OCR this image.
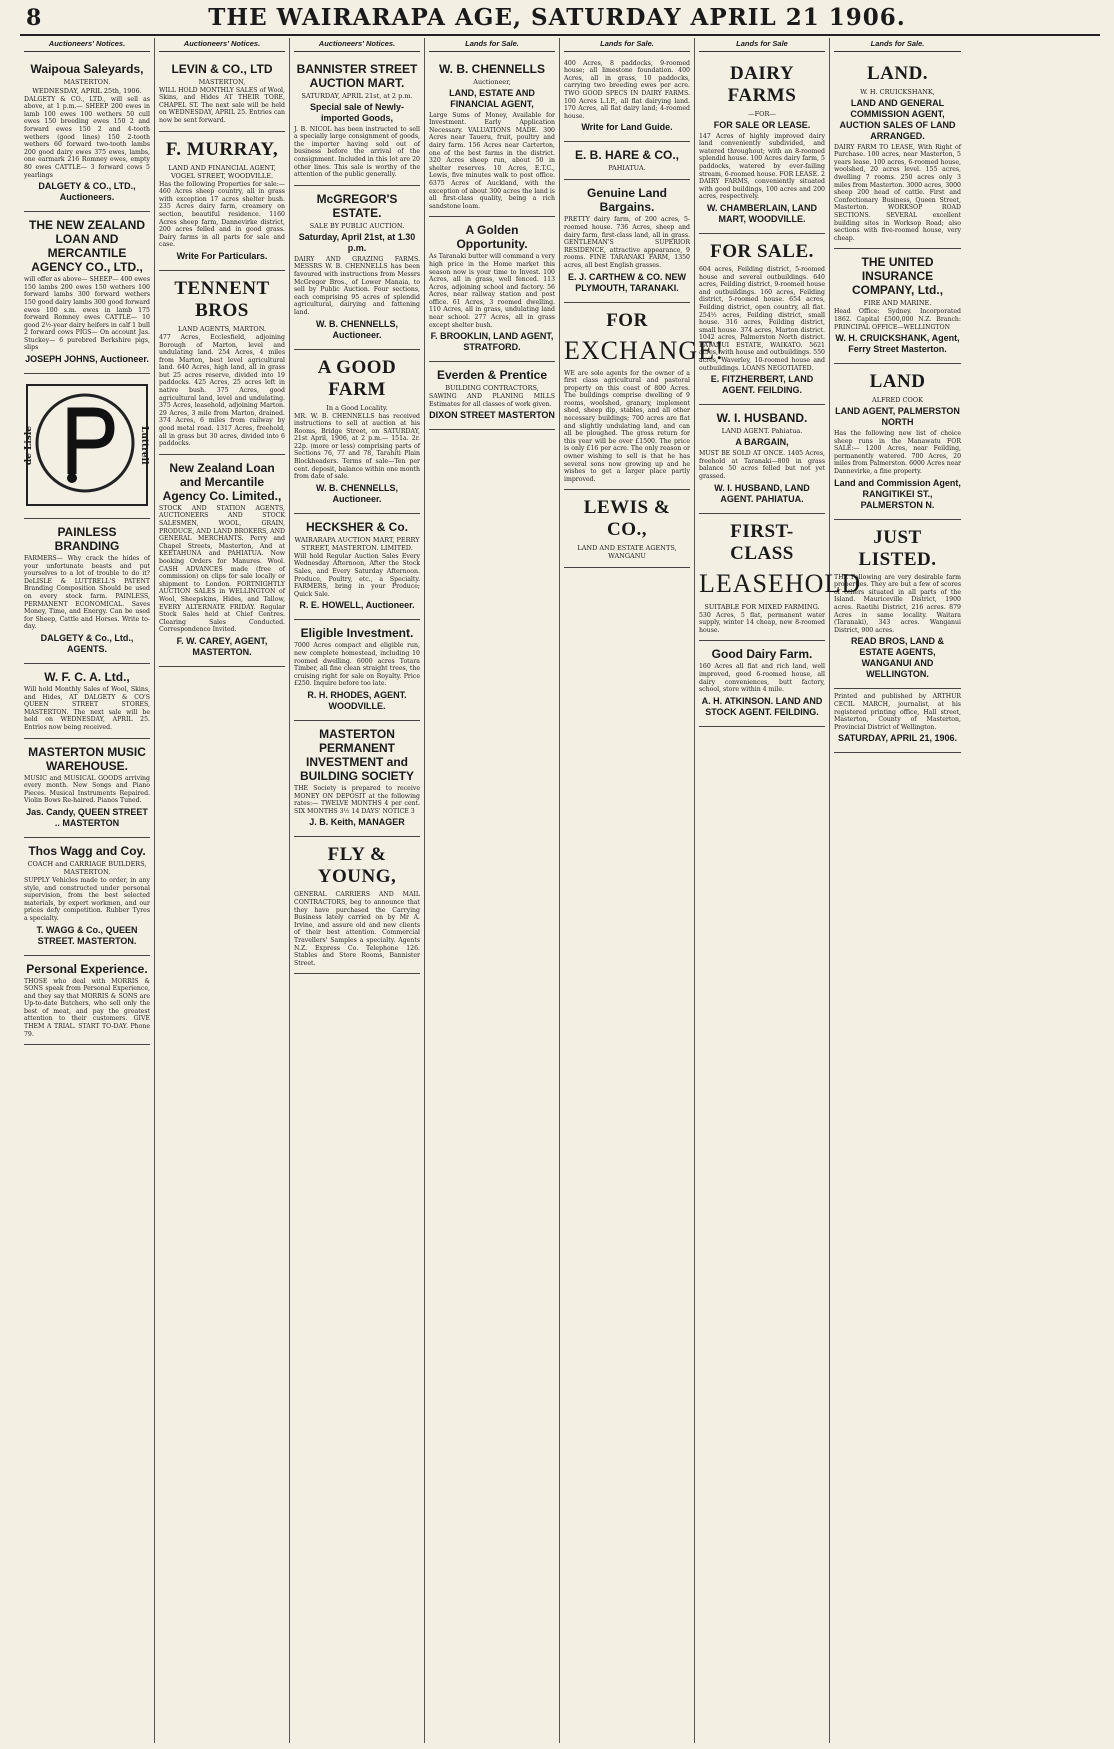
8	THE WAIRARAPA AGE, SATURDAY APRIL 21 1906.
Auctioneers' Notices.
Waipoua Saleyards,
MASTERTON.
WEDNESDAY, APRIL 25th, 1906.
DALGETY & CO., LTD., will sell as above, at 1 p.m.— SHEEP 200 ewes in lamb 100 ewes 100 wethers 50 cull ewes 150 breeding ewes 150 2 and forward ewes 150 2 and 4-tooth wethers (good lines) 150 2-tooth wethers 60 forward two-tooth lambs 200 good dairy ewes 375 ewes, lambs, one earmark 216 Romney ewes, empty 80 ewes CATTLE— 3 forward cows 5 yearlings
DALGETY & CO., LTD., Auctioneers.
THE NEW ZEALAND LOAN AND MERCANTILE AGENCY CO., LTD.,
will offer as above— SHEEP— 400 ewes 150 lambs 200 ewes 150 wethers 100 forward lambs 300 forward wethers 150 good dairy lambs 300 good forward ewes 100 s.m. ewes in lamb 175 forward Romney ewes CATTLE— 10 good 2½-year dairy heifers in calf 1 bull 2 forward cows PIGS— On account Jas. Stuckey— 6 purebred Berkshire pigs, slips
JOSEPH JOHNS, Auctioneer.
de Lisle	Luttrell
PAINLESS BRANDING
FARMERS— Why crack the hides of your unfortunate beasts and put yourselves to a lot of trouble to do it? DeLISLE & LUTTRELL'S PATENT Branding Composition Should be used on every stock farm. PAINLESS, PERMANENT ECONOMICAL. Saves Money, Time, and Energy. Can be used for Sheep, Cattle and Horses. Write to-day.
DALGETY & Co., Ltd., AGENTS.
W. F. C. A. Ltd.,
Will hold Monthly Sales of Wool, Skins, and Hides, AT DALGETY & CO'S QUEEN STREET STORES, MASTERTON. The next sale will be held on WEDNESDAY, APRIL 25. Entries now being received.
MASTERTON MUSIC WAREHOUSE.
MUSIC and MUSICAL GOODS arriving every month. New Songs and Piano Pieces. Musical Instruments Repaired. Violin Bows Re-haired. Pianos Tuned.
Jas. Candy, QUEEN STREET .. MASTERTON
Thos Wagg and Coy.
COACH and CARRIAGE BUILDERS, MASTERTON.
SUPPLY Vehicles made to order, in any style, and constructed under personal supervision, from the best selected materials, by expert workmen, and our prices defy competition. Rubber Tyres a specialty.
T. WAGG & Co., QUEEN STREET. MASTERTON.
Personal Experience.
THOSE who deal with MORRIS & SONS speak from Personal Experience, and they say that MORRIS & SONS are Up-to-date Butchers, who sell only the best of meat, and pay the greatest attention to their customers. GIVE THEM A TRIAL. START TO-DAY. Phone 79.
Auctioneers' Notices.
LEVIN & CO., LTD
MASTERTON,
WILL HOLD MONTHLY SALES of Wool, Skins, and Hides AT THEIR TORE, CHAPEL ST. The next sale will be held on WEDNESDAY, APRIL 25. Entries can now be sent forward.
F. MURRAY,
LAND AND FINANCIAL AGENT, VOGEL STREET, WOODVILLE.
Has the following Properties for sale:— 460 Acres sheep country, all in grass with exception 17 acres shelter bush. 235 Acres dairy farm, creamery on section, beautiful residence. 1160 Acres sheep farm, Dannevirke district, 200 acres felled and in good grass. Dairy farms in all parts for sale and case.
Write For Particulars.
TENNENT BROS
LAND AGENTS, MARTON.
477 Acres, Ecclesfield, adjoining Borough of Marton, level and undulating land. 254 Acres, 4 miles from Marton, best level agricultural land. 640 Acres, high land, all in grass but 25 acres reserve, divided into 19 paddocks. 425 Acres, 25 acres left in native bush. 375 Acres, good agricultural land, level and undulating. 375 Acres, leasehold, adjoining Marton. 29 Acres, 3 mile from Marton, drained. 374 Acres, 6 miles from railway by good metal road. 1317 Acres, freehold, all in grass but 30 acres, divided into 6 paddocks.
New Zealand Loan and Mercantile Agency Co. Limited.,
STOCK AND STATION AGENTS, AUCTIONEERS AND STOCK SALESMEN, WOOL, GRAIN, PRODUCE, AND LAND BROKERS, AND GENERAL MERCHANTS. Perry and Chapel Streets, Masterton, And at KEETAHUNA and PAHIATUA. Now booking Orders for Manures. Wool. CASH ADVANCES made (free of commission) on clips for sale locally or shipment to London. FORTNIGHTLY AUCTION SALES in WELLINGTON of Wool, Sheepskins, Hides, and Tallow, EVERY ALTERNATE FRIDAY. Regular Stock Sales held at Chief Centres. Clearing Sales Conducted. Correspondence Invited.
F. W. CAREY, AGENT, MASTERTON.
Auctioneers' Notices.
BANNISTER STREET AUCTION MART.
SATURDAY, APRIL 21st, at 2 p.m.
Special sale of Newly-imported Goods,
J. B. NICOL has been instructed to sell a specially large consignment of goods, the importer having sold out of business before the arrival of the consignment. Included in this lot are 20 other lines. This sale is worthy of the attention of the public generally.
McGREGOR'S ESTATE.
SALE BY PUBLIC AUCTION.
Saturday, April 21st, at 1.30 p.m.
DAIRY AND GRAZING FARMS. MESSRS W. B. CHENNELLS has been favoured with instructions from Messrs McGregor Bros., of Lower Manaia, to sell by Public Auction. Four sections, each comprising 95 acres of splendid agricultural, dairying and fattening land.
W. B. CHENNELLS, Auctioneer.
A GOOD FARM
In a Good Locality.
MR. W. B. CHENNELLS has received instructions to sell at auction at his Rooms, Bridge Street, on SATURDAY, 21st April, 1906, at 2 p.m.— 151a. 2r. 22p. (more or less) comprising parts of Sections 76, 77 and 78, Tarahiti Plain Blockheaders. Terms of sale—Ten per cent. deposit, balance within one month from date of sale.
W. B. CHENNELLS, Auctioneer.
HECKSHER & Co.
WAIRARAPA AUCTION MART, PERRY STREET, MASTERTON. LIMITED.
Will hold Regular Auction Sales Every Wednesday Afternoon, After the Stock Sales, and Every Saturday Afternoon. Produce, Poultry, etc., a Specialty. FARMERS, bring in your Produce; Quick Sale.
R. E. HOWELL, Auctioneer.
Eligible Investment.
7000 Acres compact and eligible run, new complete homestead, including 10 roomed dwelling. 6000 acres Totara Timber, all fine clean straight trees, the cruising right for sale on Royalty. Price £250. Inquire before too late.
R. H. RHODES, AGENT. WOODVILLE.
MASTERTON PERMANENT INVESTMENT and BUILDING SOCIETY
THE Society is prepared to receive MONEY ON DEPOSIT at the following rates:— TWELVE MONTHS 4 per cent. SIX MONTHS 3½ 14 DAYS' NOTICE 3
J. B. Keith, MANAGER
FLY & YOUNG,
GENERAL CARRIERS AND MAIL CONTRACTORS, beg to announce that they have purchased the Carrying Business lately carried on by Mr A. Irvine, and assure old and new clients of their best attention. Commercial Travellers' Samples a specialty. Agents N.Z. Express Co. Telephone 126. Stables and Store Rooms, Bannister Street.
Lands for Sale.
W. B. CHENNELLS
Auctioneer,
LAND, ESTATE AND FINANCIAL AGENT,
Large Sums of Money, Available for Investment. Early Application Necessary. VALUATIONS MADE. 300 Acres near Taueru, fruit, poultry and dairy farm. 156 Acres near Carterton, one of the best farms in the district. 320 Acres sheep run, about 50 in shelter reserves. 10 Acres, E.T.C., Lewis, five minutes walk to post office. 6375 Acres of Auckland, with the exception of about 300 acres the land is all first-class quality, being a rich sandstone loam.
A Golden Opportunity.
As Taranaki butter will command a very high price in the Home market this season now is your time to Invest. 100 Acres, all in grass, well fenced. 113 Acres, adjoining school and factory. 56 Acres, near railway station and post office. 61 Acres, 3 roomed dwelling. 110 Acres, all in grass, undulating land near school. 277 Acres, all in grass except shelter bush.
F. BROOKLIN, LAND AGENT, STRATFORD.
Everden & Prentice
BUILDING CONTRACTORS,
SAWING AND PLANING MILLS Estimates for all classes of work given.
DIXON STREET MASTERTON
Lands for Sale.
400 Acres, 8 paddocks, 9-roomed house; all limestone foundation. 400 Acres, all in grass, 10 paddocks, carrying two breeding ewes per acre. TWO GOOD SPECS IN DAIRY FARMS. 100 Acres L.I.P., all flat dairying land. 170 Acres, all flat dairy land; 4-roomed house.
Write for Land Guide.
E. B. HARE & CO.,
PAHIATUA.
Genuine Land Bargains.
PRETTY dairy farm, of 200 acres, 5-roomed house. 736 Acres, sheep and dairy farm, first-class land, all in grass. GENTLEMAN'S SUPERIOR RESIDENCE, attractive appearance, 9 rooms. FINE TARANAKI FARM, 1350 acres, all best English grasses.
E. J. CARTHEW & CO. NEW PLYMOUTH, TARANAKI.
FOR
EXCHANGE!
WE are sole agents for the owner of a first class agricultural and pastoral property on this coast of 800 Acres. The buildings comprise dwelling of 9 rooms, woolshed, granary, implement shed, sheep dip, stables, and all other necessary buildings; 700 acres are flat and slightly undulating land, and can all be ploughed. The gross return for this year will be over £1500. The price is only £16 per acre. The only reason or owner wishing to sell is that he has several sons now growing up and he wishes to get a larger place partly improved.
LEWIS & CO.,
LAND AND ESTATE AGENTS, WANGANU
Lands for Sale
DAIRY FARMS
—FOR—
FOR SALE OR LEASE.
147 Acres of highly improved dairy land conveniently subdivided, and watered throughout; with an 8-roomed splendid house. 100 Acres dairy farm, 5 paddocks, watered by ever-failing stream, 6-roomed house. FOR LEASE. 2 DAIRY FARMS, conveniently situated with good buildings, 100 acres and 200 acres, respectively.
W. CHAMBERLAIN, LAND MART, WOODVILLE.
FOR SALE.
604 acres, Feilding district, 5-roomed house and several outbuildings. 640 acres, Feilding district, 9-roomed house and outbuildings. 160 acres, Feilding district, 5-roomed house. 654 acres, Feilding district, open country, all flat. 254½ acres, Feilding district, small house. 316 acres, Feilding district, small house. 374 acres, Marton district. 1042 acres, Palmerston North district. RATANUI ESTATE, WAIKATO. 5621 acres, with house and outbuildings. 550 acres, Waverley, 10-roomed house and outbuildings. LOANS NEGOTIATED.
E. FITZHERBERT, LAND AGENT. FEILDING.
W. I. HUSBAND.
LAND AGENT. Pahiatua.
A BARGAIN,
MUST BE SOLD AT ONCE. 1405 Acres, freehold at Taranaki—800 in grass balance 50 acres felled but not yet grassed.
W. I. HUSBAND, LAND AGENT. PAHIATUA.
FIRST-CLASS
LEASEHOLD
SUITABLE FOR MIXED FARMING.
530 Acres, 5 flat, permanent water supply, winter 14 cheap, new 8-roomed house.
Good Dairy Farm.
160 Acres all flat and rich land, well improved, good 6-roomed house, all dairy conveniences, butt factory, school, store within 4 mile.
A. H. ATKINSON. LAND AND STOCK AGENT. FEILDING.
Lands for Sale.
LAND.
W. H. CRUICKSHANK,
LAND AND GENERAL COMMISSION AGENT, AUCTION SALES OF LAND ARRANGED.
DAIRY FARM TO LEASE, With Right of Purchase. 100 acres, near Masterton, 5 years lease. 100 acres, 6-roomed house, woolshed, 20 acres level. 155 acres, dwelling 7 rooms. 250 acres only 3 miles from Masterton. 3000 acres, 3000 sheep 200 head of cattle. First and Confectionary Business, Queen Street, Masterton. WORKSOP ROAD SECTIONS. SEVERAL excellent building sites in Worksop Road; also sections with five-roomed house, very cheap.
THE UNITED INSURANCE COMPANY, Ltd.,
FIRE AND MARINE.
Head Office: Sydney. Incorporated 1862. Capital £500,000 N.Z. Branch: PRINCIPAL OFFICE—WELLINGTON
W. H. CRUICKSHANK, Agent, Ferry Street Masterton.
LAND
ALFRED COOK
LAND AGENT, PALMERSTON NORTH
Has the following new list of choice sheep runs in the Manawatu FOR SALE:— 1200 Acres, near Feilding, permanently watered. 700 Acres, 20 miles from Palmerston. 6000 Acres near Dannevirke, a fine property.
Land and Commission Agent, RANGITIKEI ST., PALMERSTON N.
JUST LISTED.
THE Following are very desirable farm properties. They are but a few of scores of others situated in all parts of the Island. Mauriceville District, 1900 acres. Raetihi District, 216 acres. 879 Acres in same locality. Waitara (Taranaki), 343 acres. Wanganui District, 900 acres.
READ BROS, LAND & ESTATE AGENTS, WANGANUI AND WELLINGTON.
Printed and published by ARTHUR CECIL MARCH, journalist, at his registered printing office, Hall street, Masterton, County of Masterton, Provincial District of Wellington.
SATURDAY, APRIL 21, 1906.
